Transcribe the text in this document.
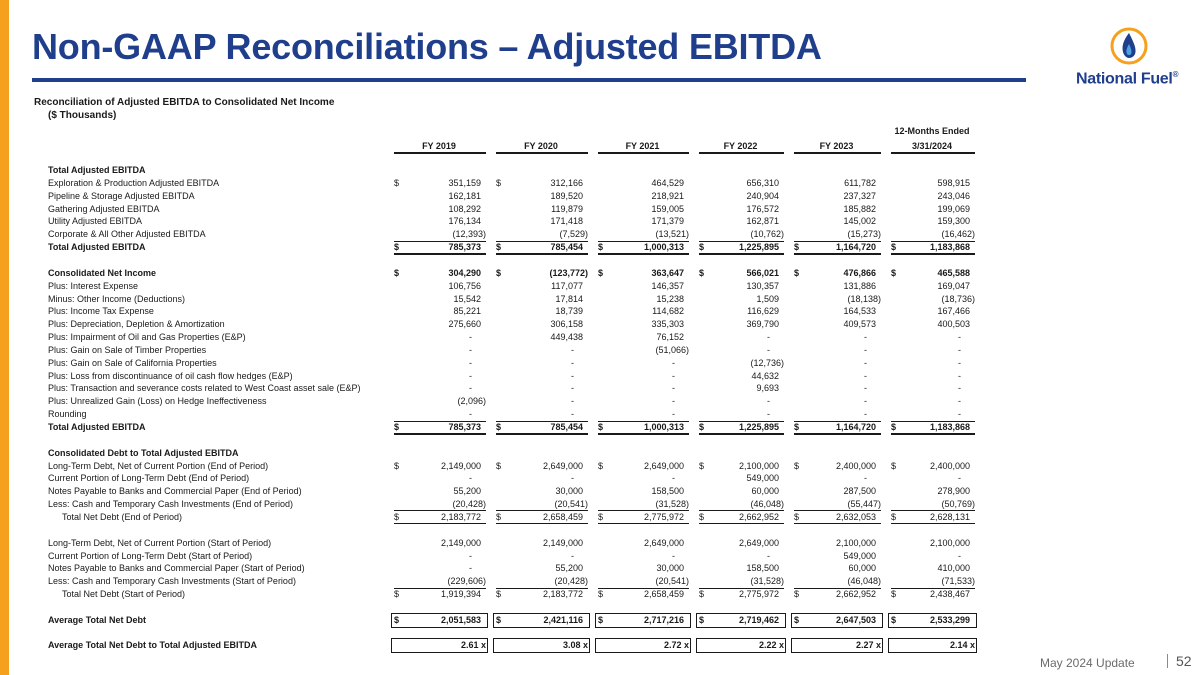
Non-GAAP Reconciliations – Adjusted EBITDA
National Fuel®
Reconciliation of Adjusted EBITDA to Consolidated Net Income
($ Thousands)
12-Months Ended
FY 2019	FY 2020	FY 2021	FY 2022	FY 2023	3/31/2024
Total Adjusted EBITDA
Exploration & Production Adjusted EBITDA	$	351,159 $	312,166	464,529	656,310	611,782	598,915
Pipeline & Storage Adjusted EBITDA	162,181	189,520	218,921	240,904	237,327	243,046
Gathering Adjusted EBITDA	108,292	119,879	159,005	176,572	185,882	199,069
Utility Adjusted EBITDA	176,134	171,418	171,379	162,871	145,002	159,300
Corporate & All Other Adjusted EBITDA	(12,393)	(7,529)	(13,521)	(10,762)	(15,273)	(16,462)
Total Adjusted EBITDA	$	785,373 $	785,454 $	1,000,313 $	1,225,895 $	1,164,720 $	1,183,868
Consolidated Net Income	$	304,290 $	(123,772) $	363,647 $	566,021 $	476,866 $	465,588
Plus: Interest Expense	106,756	117,077	146,357	130,357	131,886	169,047
Minus: Other Income (Deductions)	15,542	17,814	15,238	1,509	(18,138)	(18,736)
Plus: Income Tax Expense	85,221	18,739	114,682	116,629	164,533	167,466
Plus: Depreciation, Depletion & Amortization	275,660	306,158	335,303	369,790	409,573	400,503
Plus: Impairment of Oil and Gas Properties (E&P)	-	449,438	76,152	-	-	-
Plus: Gain on Sale of Timber Properties	-	-	(51,066)	-	-	-
Plus: Gain on Sale of California Properties	-	-	-	(12,736)	-	-
Plus: Loss from discontinuance of oil cash flow hedges (E&P)	-	-	-	44,632	-	-
Plus: Transaction and severance costs related to West Coast asset sale (E&P)	-	-	-	9,693	-	-
Plus: Unrealized Gain (Loss) on Hedge Ineffectiveness	(2,096)	-	-	-	-	-
Rounding	-	-	-	-	-	-
Total Adjusted EBITDA	$	785,373 $	785,454 $	1,000,313 $	1,225,895 $	1,164,720 $	1,183,868
Consolidated Debt to Total Adjusted EBITDA
Long-Term Debt, Net of Current Portion (End of Period)	$	2,149,000 $	2,649,000 $	2,649,000 $	2,100,000 $	2,400,000 $	2,400,000
Current Portion of Long-Term Debt (End of Period)	-	-	-	549,000	-	-
Notes Payable to Banks and Commercial Paper (End of Period)	55,200	30,000	158,500	60,000	287,500	278,900
Less: Cash and Temporary Cash Investments (End of Period)	(20,428)	(20,541)	(31,528)	(46,048)	(55,447)	(50,769)
Total Net Debt (End of Period)	$	2,183,772 $	2,658,459 $	2,775,972 $	2,662,952 $	2,632,053 $	2,628,131
Long-Term Debt, Net of Current Portion (Start of Period)	2,149,000	2,149,000	2,649,000	2,649,000	2,100,000	2,100,000
Current Portion of Long-Term Debt (Start of Period)	-	-	-	-	549,000	-
Notes Payable to Banks and Commercial Paper (Start of Period)	-	55,200	30,000	158,500	60,000	410,000
Less: Cash and Temporary Cash Investments (Start of Period)	(229,606)	(20,428)	(20,541)	(31,528)	(46,048)	(71,533)
Total Net Debt (Start of Period)	$	1,919,394 $	2,183,772 $	2,658,459 $	2,775,972 $	2,662,952 $	2,438,467
Average Total Net Debt	$	2,051,583 $	2,421,116 $	2,717,216 $	2,719,462 $	2,647,503 $	2,533,299
Average Total Net Debt to Total Adjusted EBITDA	2.61 x	3.08 x	2.72 x	2.22 x	2.27 x	2.14 x
May 2024 Update	52
